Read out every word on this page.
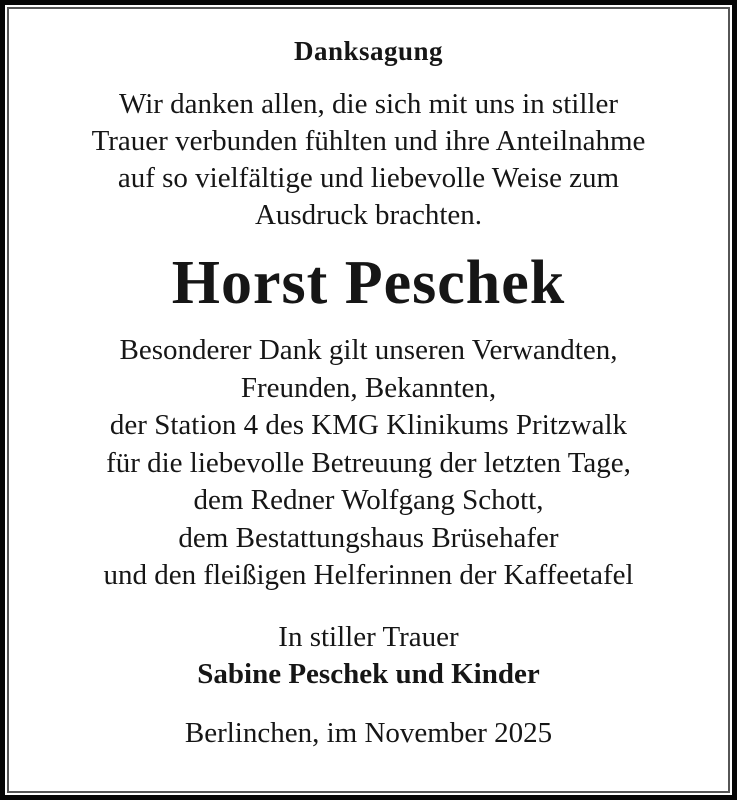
Danksagung
Wir danken allen, die sich mit uns in stiller
Trauer verbunden fühlten und ihre Anteilnahme
auf so vielfältige und liebevolle Weise zum
Ausdruck brachten.
Horst Peschek
Besonderer Dank gilt unseren Verwandten,
Freunden, Bekannten,
der Station 4 des KMG Klinikums Pritzwalk
für die liebevolle Betreuung der letzten Tage,
dem Redner Wolfgang Schott,
dem Bestattungshaus Brüsehafer
und den fleißigen Helferinnen der Kaffeetafel
In stiller Trauer
Sabine Peschek und Kinder
Berlinchen, im November 2025
